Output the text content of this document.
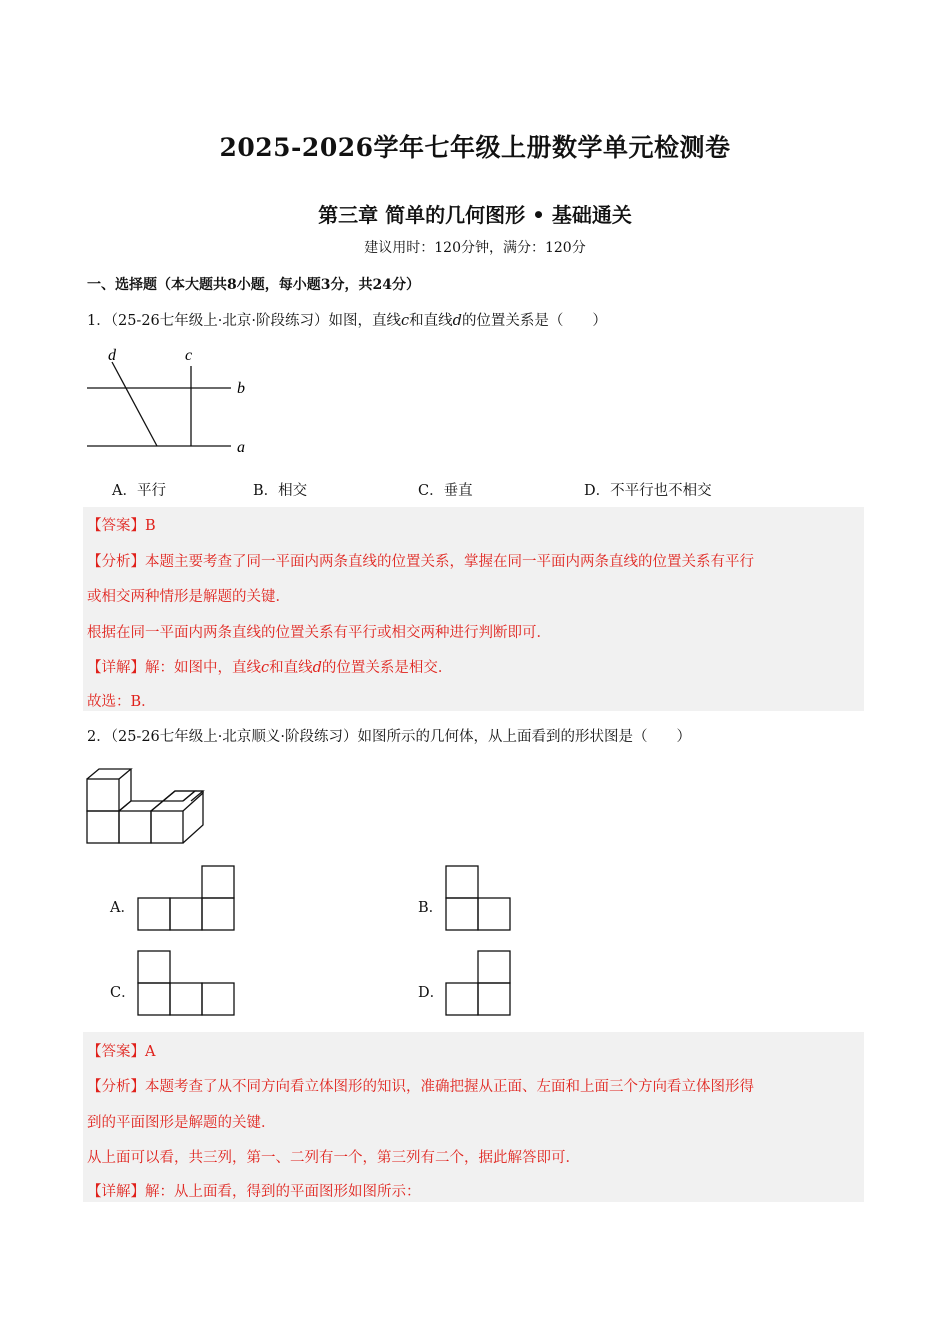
2025-2026学年七年级上册数学单元检测卷
第三章 简单的几何图形 • 基础通关
建议用时：120分钟，满分：120分
一、选择题（本大题共8小题，每小题3分，共24分）
1．（25-26七年级上·北京·阶段练习）如图，直线c和直线d的位置关系是（　　）
d	c
b
a
A．平行	B．相交	C．垂直	D．不平行也不相交
【答案】B
【分析】本题主要考查了同一平面内两条直线的位置关系，掌握在同一平面内两条直线的位置关系有平行
或相交两种情形是解题的关键．
根据在同一平面内两条直线的位置关系有平行或相交两种进行判断即可．
【详解】解：如图中，直线c和直线d的位置关系是相交．
故选：B．
2．（25-26七年级上·北京顺义·阶段练习）如图所示的几何体，从上面看到的形状图是（　　）
A．	B．
C．	D．
【答案】A
【分析】本题考查了从不同方向看立体图形的知识，准确把握从正面、左面和上面三个方向看立体图形得
到的平面图形是解题的关键．
从上面可以看，共三列，第一、二列有一个，第三列有二个，据此解答即可．
【详解】解：从上面看，得到的平面图形如图所示：
